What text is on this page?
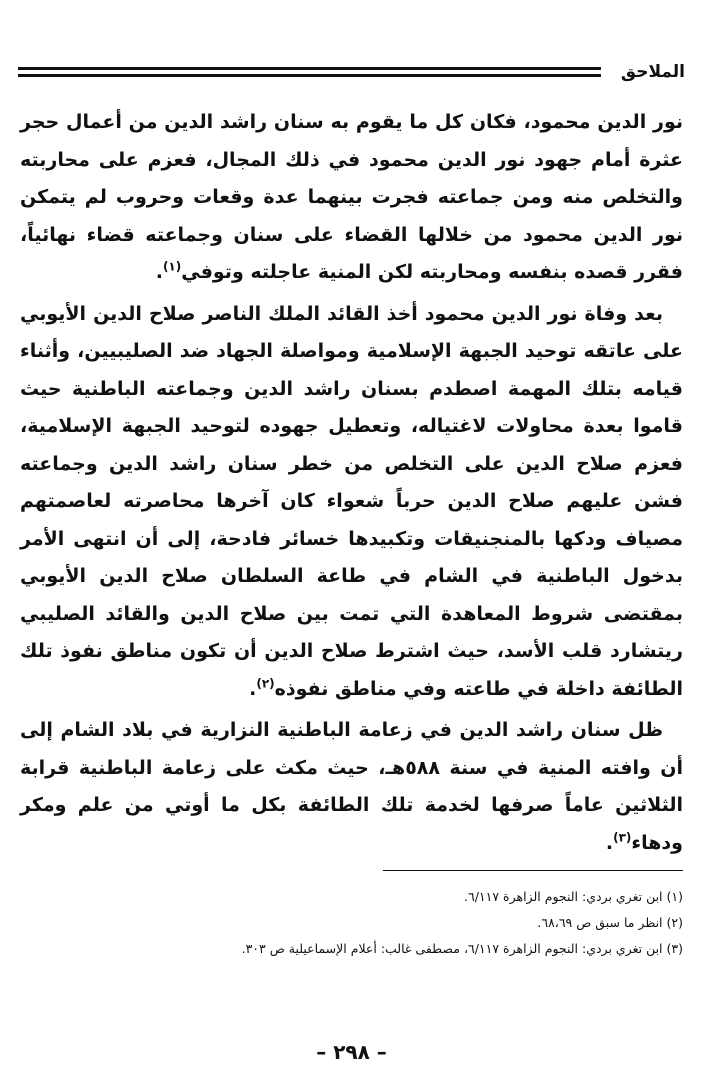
الملاحق

نور الدين محمود، فكان كل ما يقوم به سنان راشد الدين من أعمال حجر عثرة أمام جهود نور الدين محمود في ذلك المجال، فعزم على محاربته والتخلص منه ومن جماعته فجرت بينهما عدة وقعات وحروب لم يتمكن نور الدين محمود من خلالها القضاء على سنان وجماعته قضاء نهائياً، فقرر قصده بنفسه ومحاربته لكن المنية عاجلته وتوفي$^{(١)}$.

بعد وفاة نور الدين محمود أخذ القائد الملك الناصر صلاح الدين الأيوبي على عاتقه توحيد الجبهة الإسلامية ومواصلة الجهاد ضد الصليبيين، وأثناء قيامه بتلك المهمة اصطدم بسنان راشد الدين وجماعته الباطنية حيث قاموا بعدة محاولات لاغتياله، وتعطيل جهوده لتوحيد الجبهة الإسلامية، فعزم صلاح الدين على التخلص من خطر سنان راشد الدين وجماعته فشن عليهم صلاح الدين حرباً شعواء كان آخرها محاصرته لعاصمتهم مصياف ودكها بالمنجنيقات وتكبيدها خسائر فادحة، إلى أن انتهى الأمر بدخول الباطنية في الشام في طاعة السلطان صلاح الدين الأيوبي بمقتضى شروط المعاهدة التي تمت بين صلاح الدين والقائد الصليبي ريتشارد قلب الأسد، حيث اشترط صلاح الدين أن تكون مناطق نفوذ تلك الطائفة داخلة في طاعته وفي مناطق نفوذه$^{(٢)}$.

ظل سنان راشد الدين في زعامة الباطنية النزارية في بلاد الشام إلى أن وافته المنية في سنة ٥٨٨هـ، حيث مكث على زعامة الباطنية قرابة الثلاثين عاماً صرفها لخدمة تلك الطائفة بكل ما أوتي من علم ومكر ودهاء$^{(٣)}$.

(١) ابن تغري بردي: النجوم الزاهرة ٦/١١٧.
(٢) انظر ما سبق ص ٦٨،٦٩.
(٣) ابن تغري بردي: النجوم الزاهرة ٦/١١٧، مصطفى غالب: أعلام الإسماعيلية ص ٣٠٣.
– ٢٩٨ –
